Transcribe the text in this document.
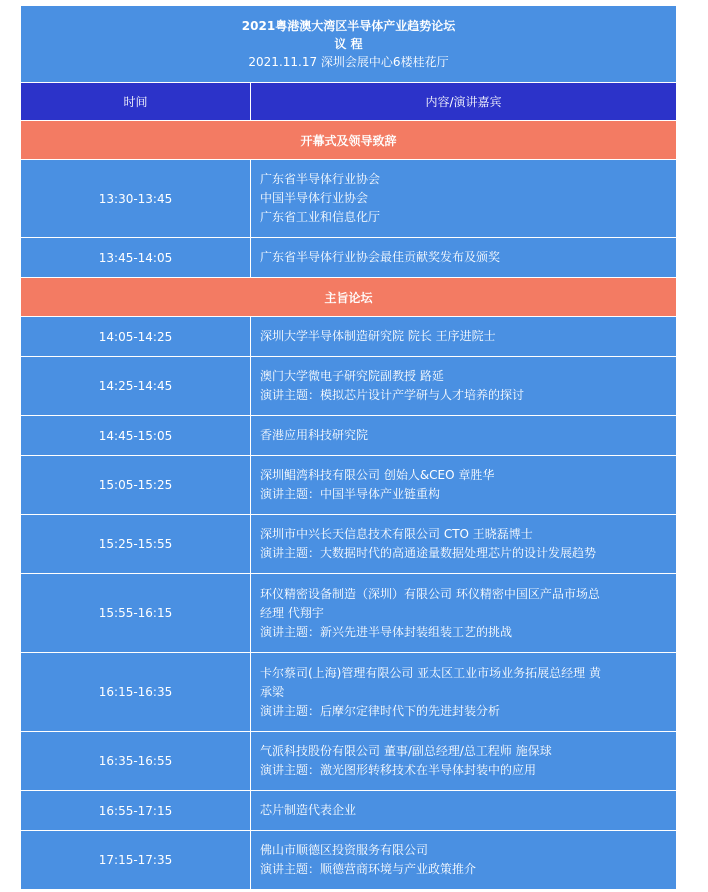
2021粤港澳大湾区半导体产业趋势论坛
议 程
2021.11.17 深圳会展中心6楼桂花厅	

时间	内容/演讲嘉宾
开幕式及领导致辞	
13:30-13:45	广东省半导体行业协会
中国半导体行业协会
广东省工业和信息化厅

13:45-14:05	广东省半导体行业协会最佳贡献奖发布及颁奖

主旨论坛	
14:05-14:25	深圳大学半导体制造研究院 院长 王序进院士

14:25-14:45	澳门大学微电子研究院副教授 路延
演讲主题：模拟芯片设计产学研与人才培养的探讨

14:45-15:05	香港应用科技研究院

15:05-15:25	深圳鲳湾科技有限公司 创始人&CEO 章胜华
演讲主题：中国半导体产业链重构

15:25-15:55	深圳市中兴长天信息技术有限公司 CTO 王晓磊博士
演讲主题：大数据时代的高通途量数据处理芯片的设计发展趋势

15:55-16:15	环仪精密设备制造（深圳）有限公司 环仪精密中国区产品市场总
经理 代翔宇
演讲主题：新兴先进半导体封装组装工艺的挑战

16:15-16:35	卡尔蔡司(上海)管理有限公司 亚太区工业市场业务拓展总经理 黄
承梁
演讲主题：后摩尔定律时代下的先进封装分析

16:35-16:55	气派科技股份有限公司 董事/副总经理/总工程师 施保球
演讲主题：激光图形转移技术在半导体封装中的应用

16:55-17:15	芯片制造代表企业

17:15-17:35	佛山市顺德区投资服务有限公司
演讲主题：顺德营商环境与产业政策推介
